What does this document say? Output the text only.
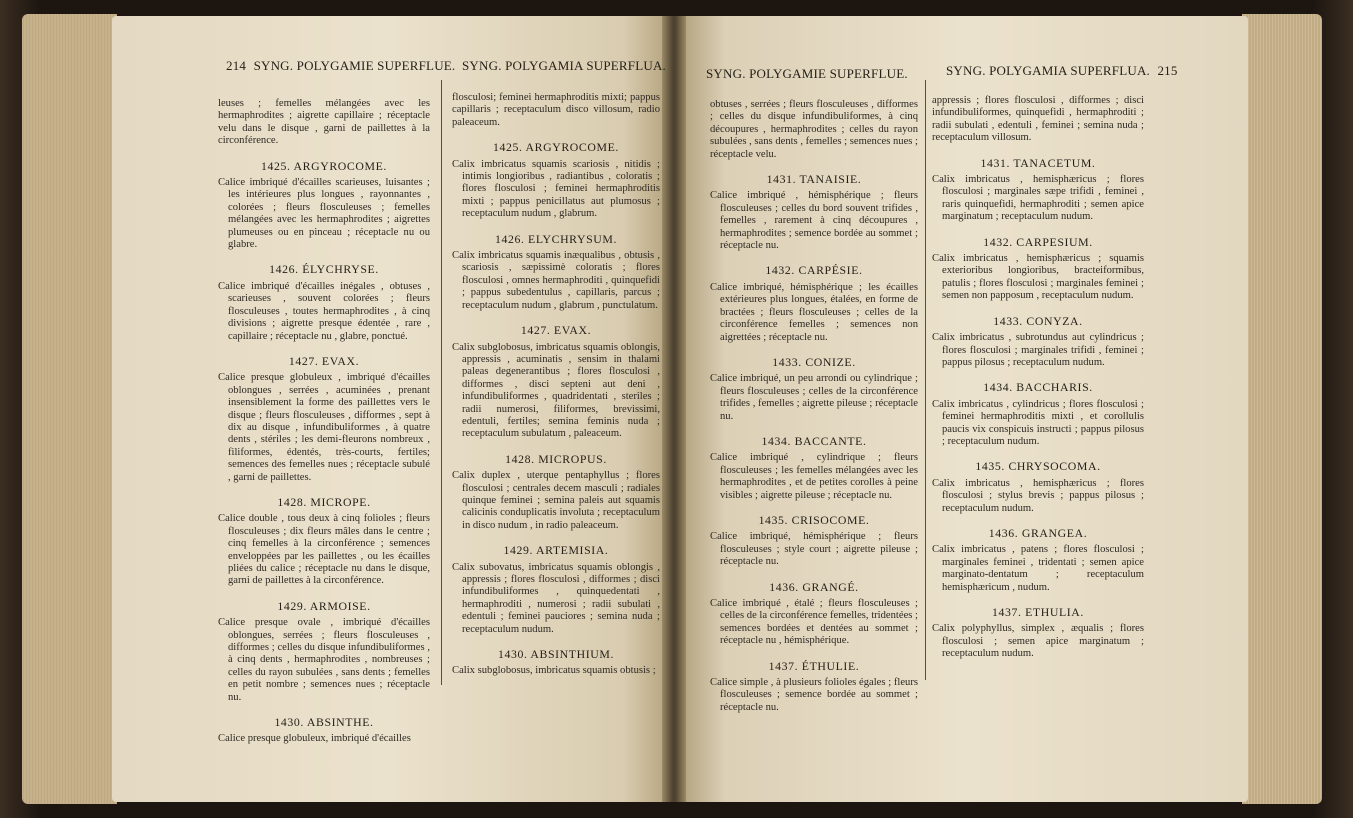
214 SYNG. POLYGAMIE SUPERFLUE. SYNG. POLYGAMIA SUPERFLUA.
SYNG. POLYGAMIE SUPERFLUE.	SYNG. POLYGAMIA SUPERFLUA. 215
leuses ; femelles mélangées avec les hermaphrodites ; aigrette capillaire ; réceptacle velu dans le disque , garni de paillettes à la circonférence.
1425. ARGYROCOME.
Calice imbriqué d'écailles scarieuses, luisantes ; les intérieures plus longues , rayonnantes , colorées ; fleurs flosculeuses ; femelles mélangées avec les hermaphrodites ; aigrettes plumeuses ou en pinceau ; réceptacle nu ou glabre.
1426. ÉLYCHRYSE.
Calice imbriqué d'écailles inégales , obtuses , scarieuses , souvent colorées ; fleurs flosculeuses , toutes hermaphrodites , à cinq divisions ; aigrette presque édentée , rare , capillaire ; réceptacle nu , glabre, ponctué.
1427. EVAX.
Calice presque globuleux , imbriqué d'écailles oblongues , serrées , acuminées , prenant insensiblement la forme des paillettes vers le disque ; fleurs flosculeuses , difformes , sept à dix au disque , infundibuliformes , à quatre dents , stériles ; les demi-fleurons nombreux , filiformes, édentés, très-courts, fertiles; semences des femelles nues ; réceptacle subulé , garni de paillettes.
1428. MICROPE.
Calice double , tous deux à cinq folioles ; fleurs flosculeuses ; dix fleurs mâles dans le centre ; cinq femelles à la circonférence ; semences enveloppées par les paillettes , ou les écailles pliées du calice ; réceptacle nu dans le disque, garni de paillettes à la circonférence.
1429. ARMOISE.
Calice presque ovale , imbriqué d'écailles oblongues, serrées ; fleurs flosculeuses , difformes ; celles du disque infundibuliformes , à cinq dents , hermaphrodites , nombreuses ; celles du rayon subulées , sans dents ; femelles en petit nombre ; semences nues ; réceptacle nu.
1430. ABSINTHE.
Calice presque globuleux, imbriqué d'écailles
flosculosi; feminei hermaphroditis mixti; pappus capillaris ; receptaculum disco villosum, radio paleaceum.
1425. ARGYROCOME.
Calix imbricatus squamis scariosis , nitidis ; intimis longioribus , radiantibus , coloratis ; flores flosculosi ; feminei hermaphroditis mixti ; pappus penicillatus aut plumosus ; receptaculum nudum , glabrum.
1426. ELYCHRYSUM.
Calix imbricatus squamis inæqualibus , obtusis , scariosis , sæpissimè coloratis ; flores flosculosi , omnes hermaphroditi , quinquefidi ; pappus subedentulus , capillaris, parcus ; receptaculum nudum , glabrum , punctulatum.
1427. EVAX.
Calix subglobosus, imbricatus squamis oblongis, appressis , acuminatis , sensim in thalami paleas degenerantibus ; flores flosculosi , difformes , disci septeni aut deni , infundibuliformes , quadridentati , steriles ; radii numerosi, filiformes, brevissimi, edentuli, fertiles; semina feminis nuda ; receptaculum subulatum , paleaceum.
1428. MICROPUS.
Calix duplex , uterque pentaphyllus ; flores flosculosi ; centrales decem masculi ; radiales quinque feminei ; semina paleis aut squamis calicinis conduplicatis involuta ; receptaculum in disco nudum , in radio paleaceum.
1429. ARTEMISIA.
Calix subovatus, imbricatus squamis oblongis , appressis ; flores flosculosi , difformes ; disci infundibuliformes , quinquedentati , hermaphroditi , numerosi ; radii subulati , edentuli ; feminei pauciores ; semina nuda ; receptaculum nudum.
1430. ABSINTHIUM.
Calix subglobosus, imbricatus squamis obtusis ;
obtuses , serrées ; fleurs flosculeuses , difformes ; celles du disque infundibuliformes, à cinq découpures , hermaphrodites ; celles du rayon subulées , sans dents , femelles ; semences nues ; réceptacle velu.
1431. TANAISIE.
Calice imbriqué , hémisphérique ; fleurs flosculeuses ; celles du bord souvent trifides , femelles , rarement à cinq découpures , hermaphrodites ; semence bordée au sommet ; réceptacle nu.
1432. CARPÉSIE.
Calice imbriqué, hémisphérique ; les écailles extérieures plus longues, étalées, en forme de bractées ; fleurs flosculeuses ; celles de la circonférence femelles ; semences non aigrettées ; réceptacle nu.
1433. CONIZE.
Calice imbriqué, un peu arrondi ou cylindrique ; fleurs flosculeuses ; celles de la circonférence trifides , femelles ; aigrette pileuse ; réceptacle nu.
1434. BACCANTE.
Calice imbriqué , cylindrique ; fleurs flosculeuses ; les femelles mélangées avec les hermaphrodites , et de petites corolles à peine visibles ; aigrette pileuse ; réceptacle nu.
1435. CRISOCOME.
Calice imbriqué, hémisphérique ; fleurs flosculeuses ; style court ; aigrette pileuse ; réceptacle nu.
1436. GRANGÉ.
Calice imbriqué , étalé ; fleurs flosculeuses ; celles de la circonférence femelles, tridentées ; semences bordées et dentées au sommet ; réceptacle nu , hémisphérique.
1437. ÉTHULIE.
Calice simple , à plusieurs folioles égales ; fleurs flosculeuses ; semence bordée au sommet ; réceptacle nu.
appressis ; flores flosculosi , difformes ; disci infundibuliformes, quinquefidi , hermaphroditi ; radii subulati , edentuli , feminei ; semina nuda ; receptaculum villosum.
1431. TANACETUM.
Calix imbricatus , hemisphæricus ; flores flosculosi ; marginales sæpe trifidi , feminei , raris quinquefidi, hermaphroditi ; semen apice marginatum ; receptaculum nudum.
1432. CARPESIUM.
Calix imbricatus , hemisphæricus ; squamis exterioribus longioribus, bracteiformibus, patulis ; flores flosculosi ; marginales feminei ; semen non papposum , receptaculum nudum.
1433. CONYZA.
Calix imbricatus , subrotundus aut cylindricus ; flores flosculosi ; marginales trifidi , feminei ; pappus pilosus ; receptaculum nudum.
1434. BACCHARIS.
Calix imbricatus , cylindricus ; flores flosculosi ; feminei hermaphroditis mixti , et corollulis paucis vix conspicuis instructi ; pappus pilosus ; receptaculum nudum.
1435. CHRYSOCOMA.
Calix imbricatus , hemisphæricus ; flores flosculosi ; stylus brevis ; pappus pilosus ; receptaculum nudum.
1436. GRANGEA.
Calix imbricatus , patens ; flores flosculosi ; marginales feminei , tridentati ; semen apice marginato-dentatum ; receptaculum hemisphæricum , nudum.
1437. ETHULIA.
Calix polyphyllus, simplex , æqualis ; flores flosculosi ; semen apice marginatum ; receptaculum nudum.
